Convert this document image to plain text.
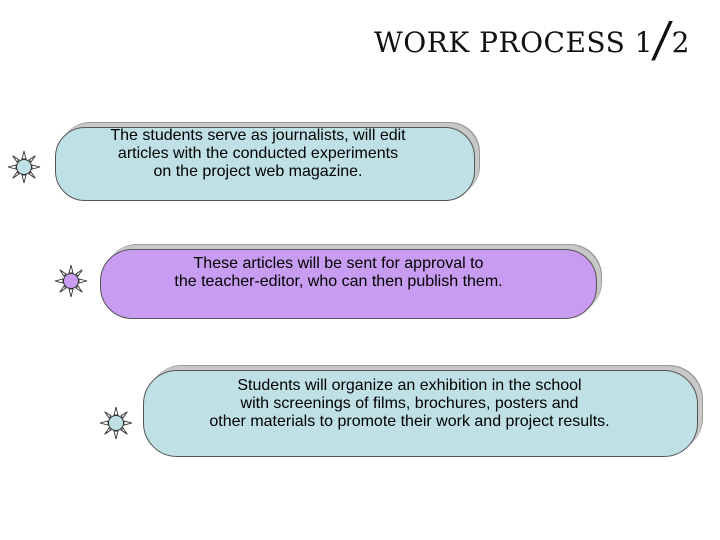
WORK PROCESS 1/2
The students serve as journalists, will edit
articles with the conducted experiments
on the project web magazine.
These articles will be sent for approval to
the teacher-editor, who can then publish them.
Students will organize an exhibition in the school
with screenings of films, brochures, posters and
other materials to promote their work and project results.
